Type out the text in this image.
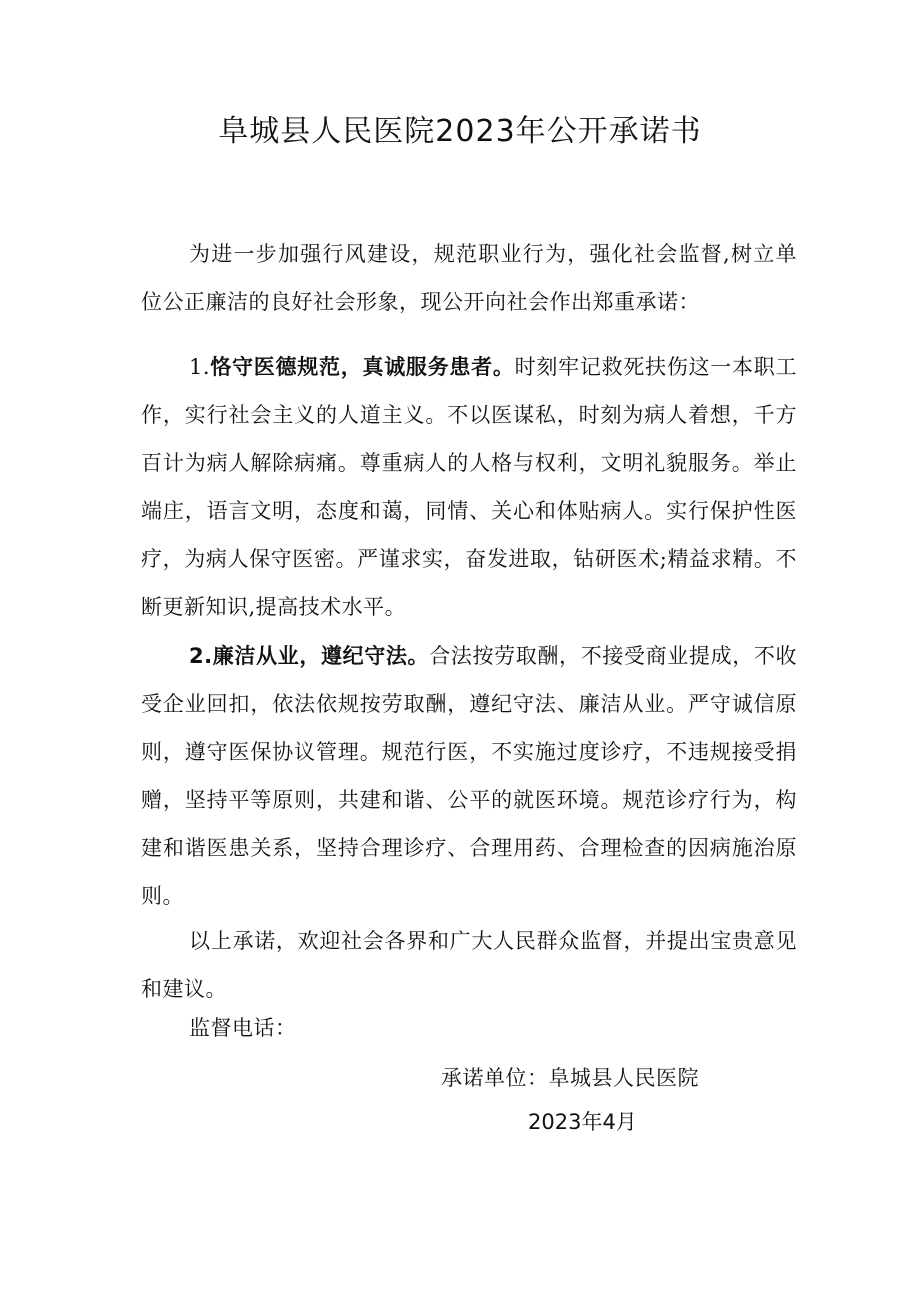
阜城县人民医院2023年公开承诺书

为进一步加强行风建设，规范职业行为，强化社会监督,树立单位公正廉洁的良好社会形象，现公开向社会作出郑重承诺：

1.恪守医德规范，真诚服务患者。时刻牢记救死扶伤这一本职工作，实行社会主义的人道主义。不以医谋私，时刻为病人着想，千方百计为病人解除病痛。尊重病人的人格与权利，文明礼貌服务。举止端庄，语言文明，态度和蔼，同情、关心和体贴病人。实行保护性医疗，为病人保守医密。严谨求实，奋发进取，钻研医术;精益求精。不断更新知识,提高技术水平。

2.廉洁从业，遵纪守法。合法按劳取酬，不接受商业提成，不收受企业回扣，依法依规按劳取酬，遵纪守法、廉洁从业。严守诚信原则，遵守医保协议管理。规范行医，不实施过度诊疗，不违规接受捐赠，坚持平等原则，共建和谐、公平的就医环境。规范诊疗行为，构建和谐医患关系，坚持合理诊疗、合理用药、合理检查的因病施治原则。

以上承诺，欢迎社会各界和广大人民群众监督，并提出宝贵意见和建议。

监督电话：

承诺单位：阜城县人民医院

2023年4月
